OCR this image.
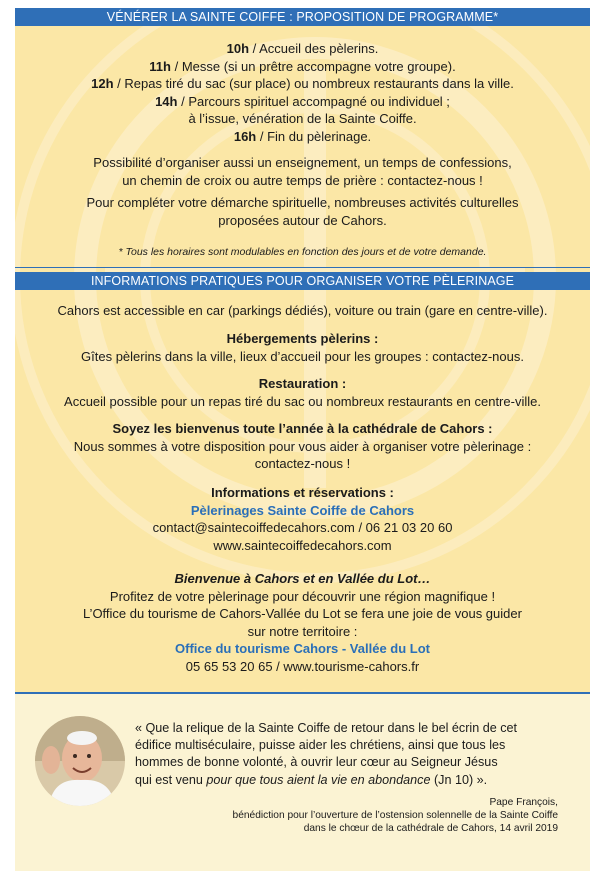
VÉNÉRER LA SAINTE COIFFE : PROPOSITION DE PROGRAMME*

10h / Accueil des pèlerins.

11h / Messe (si un prêtre accompagne votre groupe).

12h / Repas tiré du sac (sur place) ou nombreux restaurants dans la ville.

14h / Parcours spirituel accompagné ou individuel ;

à l’issue, vénération de la Sainte Coiffe.

16h / Fin du pèlerinage.

Possibilité d’organiser aussi un enseignement, un temps de confessions,

un chemin de croix ou autre temps de prière : contactez-nous !

Pour compléter votre démarche spirituelle, nombreuses activités culturelles

proposées autour de Cahors.

* Tous les horaires sont modulables en fonction des jours et de votre demande.
INFORMATIONS PRATIQUES POUR ORGANISER VOTRE PÈLERINAGE
Cahors est accessible en car (parkings dédiés), voiture ou train (gare en centre-ville).

Hébergements pèlerins :

Gîtes pèlerins dans la ville, lieux d’accueil pour les groupes : contactez-nous.

Restauration :

Accueil possible pour un repas tiré du sac ou nombreux restaurants en centre-ville.

Soyez les bienvenus toute l’année à la cathédrale de Cahors :

Nous sommes à votre disposition pour vous aider à organiser votre pèlerinage :

contactez-nous !

Informations et réservations :

Pèlerinages Sainte Coiffe de Cahors

contact@saintecoiffedecahors.com / 06 21 03 20 60

www.saintecoiffedecahors.com

Bienvenue à Cahors et en Vallée du Lot…

Profitez de votre pèlerinage pour découvrir une région magnifique !

L’Office du tourisme de Cahors-Vallée du Lot se fera une joie de vous guider

sur notre territoire :

Office du tourisme Cahors - Vallée du Lot

05 65 53 20 65 / www.tourisme-cahors.fr

« Que la relique de la Sainte Coiffe de retour dans le bel écrin de cet

édifice multiséculaire, puisse aider les chrétiens, ainsi que tous les

hommes de bonne volonté, à ouvrir leur cœur au Seigneur Jésus

qui est venu pour que tous aient la vie en abondance (Jn 10) ».

Pape François,

bénédiction pour l’ouverture de l’ostension solennelle de la Sainte Coiffe

dans le chœur de la cathédrale de Cahors, 14 avril 2019
